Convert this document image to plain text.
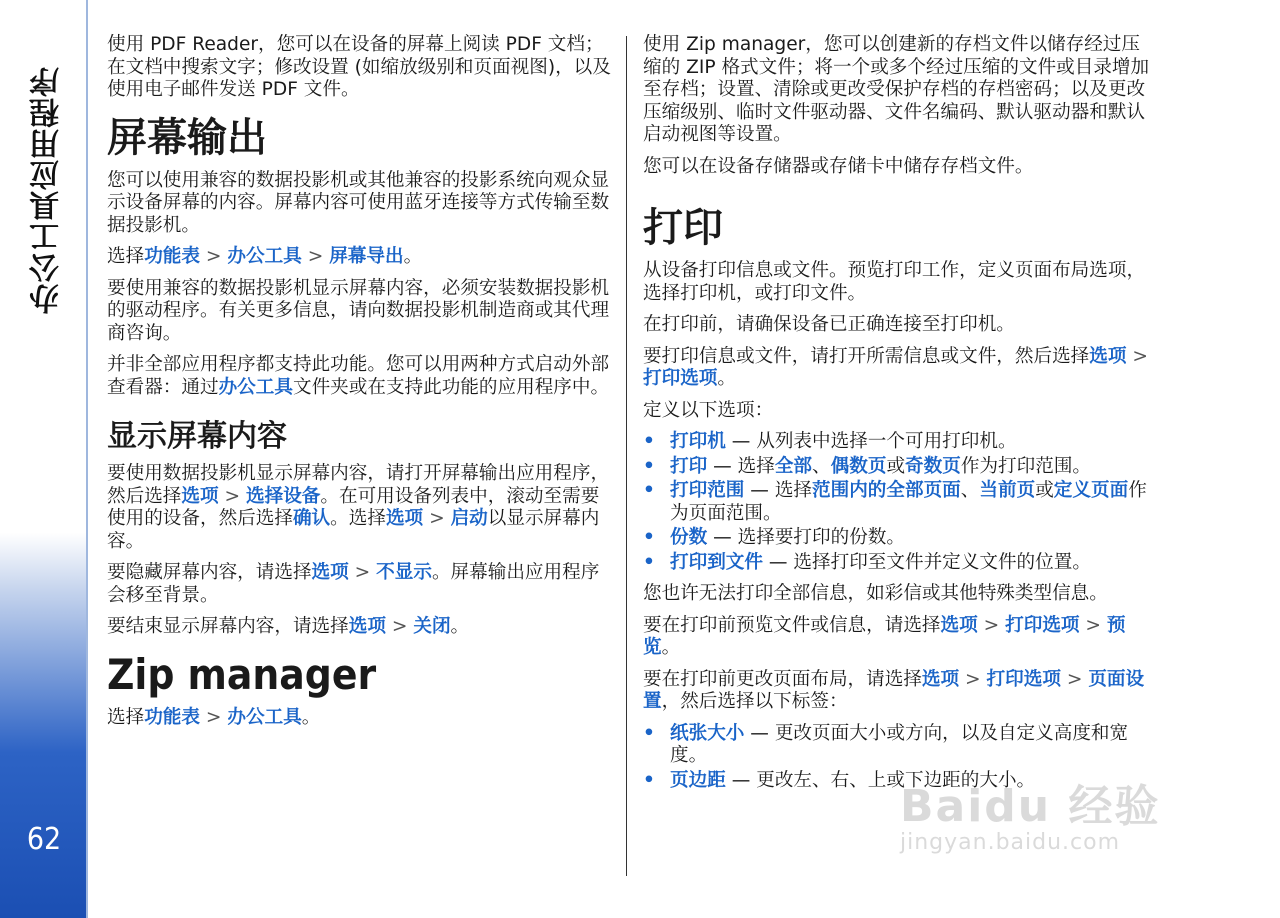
办公工具应用程序
62

使用 PDF Reader，您可以在设备的屏幕上阅读 PDF 文档；在文档中搜索文字；修改设置 (如缩放级别和页面视图)，以及使用电子邮件发送 PDF 文件。

屏幕输出

您可以使用兼容的数据投影机或其他兼容的投影系统向观众显示设备屏幕的内容。屏幕内容可使用蓝牙连接等方式传输至数据投影机。

选择功能表 > 办公工具 > 屏幕导出。

要使用兼容的数据投影机显示屏幕内容，必须安装数据投影机的驱动程序。有关更多信息，请向数据投影机制造商或其代理商咨询。

并非全部应用程序都支持此功能。您可以用两种方式启动外部查看器：通过办公工具文件夹或在支持此功能的应用程序中。

显示屏幕内容

要使用数据投影机显示屏幕内容，请打开屏幕输出应用程序，然后选择选项 > 选择设备。在可用设备列表中，滚动至需要使用的设备，然后选择确认。选择选项 > 启动以显示屏幕内容。

要隐藏屏幕内容，请选择选项 > 不显示。屏幕输出应用程序会移至背景。

要结束显示屏幕内容，请选择选项 > 关闭。

Zip manager

选择功能表 > 办公工具。

使用 Zip manager，您可以创建新的存档文件以储存经过压缩的 ZIP 格式文件；将一个或多个经过压缩的文件或目录增加至存档；设置、清除或更改受保护存档的存档密码；以及更改压缩级别、临时文件驱动器、文件名编码、默认驱动器和默认启动视图等设置。

您可以在设备存储器或存储卡中储存存档文件。

打印

从设备打印信息或文件。预览打印工作，定义页面布局选项，选择打印机，或打印文件。

在打印前，请确保设备已正确连接至打印机。

要打印信息或文件，请打开所需信息或文件，然后选择选项 > 打印选项。

定义以下选项：

• 打印机 — 从列表中选择一个可用打印机。
• 打印 — 选择全部、偶数页或奇数页作为打印范围。
• 打印范围 — 选择范围内的全部页面、当前页或定义页面作为页面范围。
• 份数 — 选择要打印的份数。
• 打印到文件 — 选择打印至文件并定义文件的位置。

您也许无法打印全部信息，如彩信或其他特殊类型信息。

要在打印前预览文件或信息，请选择选项 > 打印选项 > 预览。

要在打印前更改页面布局，请选择选项 > 打印选项 > 页面设置，然后选择以下标签：

• 纸张大小 — 更改页面大小或方向，以及自定义高度和宽度。
• 页边距 — 更改左、右、上或下边距的大小。
Baidu 经验
jingyan.baidu.com
